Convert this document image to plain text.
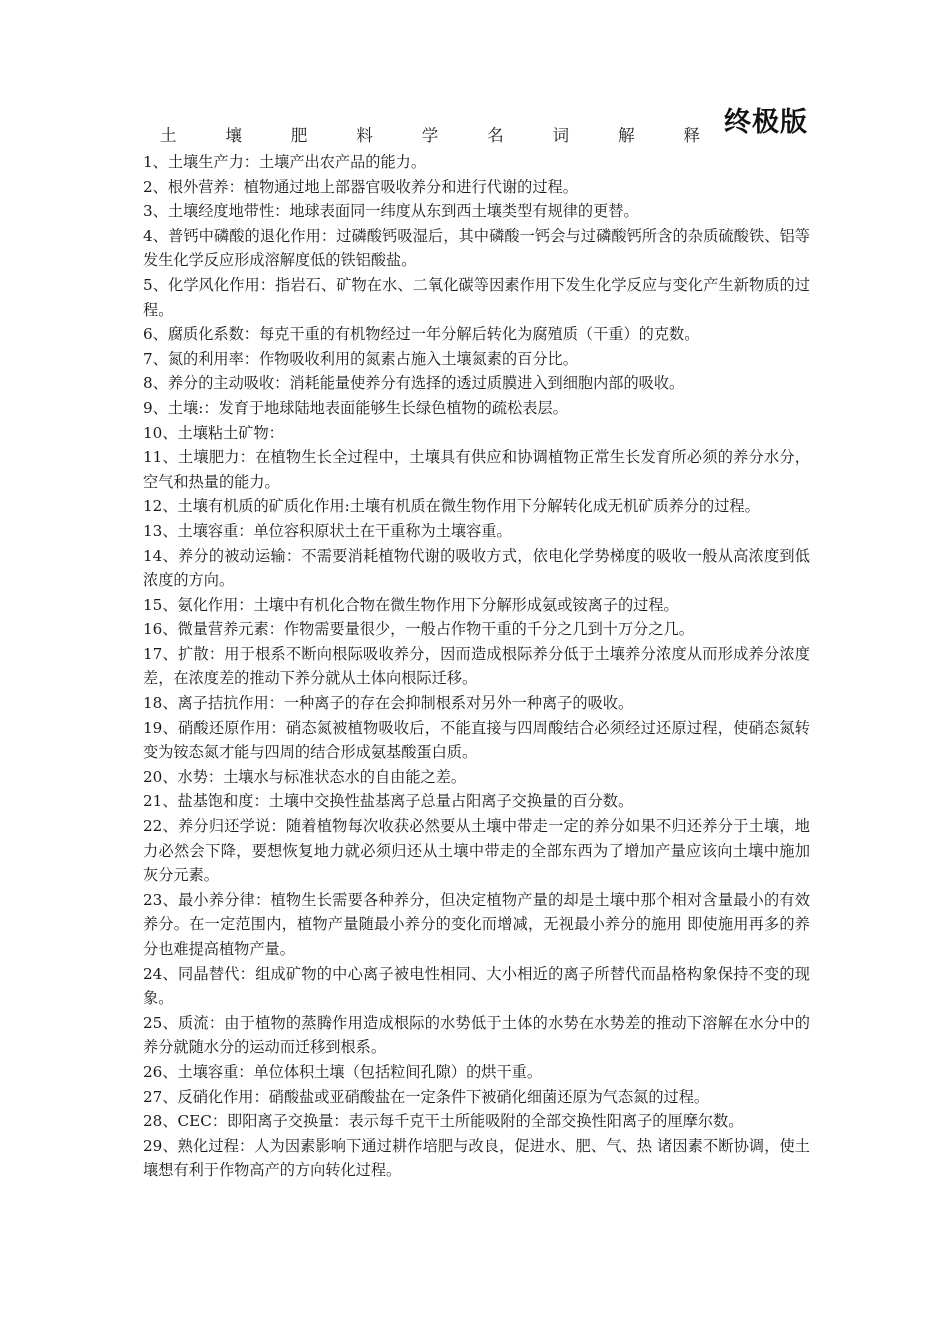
终极版
土	壤	肥	料	学	名	词	解	释

1、土壤生产力：土壤产出农产品的能力。

2、根外营养：植物通过地上部器官吸收养分和进行代谢的过程。

3、土壤经度地带性：地球表面同一纬度从东到西土壤类型有规律的更替。

4、普钙中磷酸的退化作用：过磷酸钙吸湿后，其中磷酸一钙会与过磷酸钙所含的杂质硫酸铁、铝等发生化学反应形成溶解度低的铁铝酸盐。

5、化学风化作用：指岩石、矿物在水、二氧化碳等因素作用下发生化学反应与变化产生新物质的过程。

6、腐质化系数：每克干重的有机物经过一年分解后转化为腐殖质（干重）的克数。

7、氮的利用率：作物吸收利用的氮素占施入土壤氮素的百分比。

8、养分的主动吸收：消耗能量使养分有选择的透过质膜进入到细胞内部的吸收。

9、土壤:：发育于地球陆地表面能够生长绿色植物的疏松表层。

10、土壤粘土矿物：

11、土壤肥力：在植物生长全过程中，土壤具有供应和协调植物正常生长发育所必须的养分水分，空气和热量的能力。

12、土壤有机质的矿质化作用:土壤有机质在微生物作用下分解转化成无机矿质养分的过程。

13、土壤容重：单位容积原状土在干重称为土壤容重。

14、养分的被动运输：不需要消耗植物代谢的吸收方式，依电化学势梯度的吸收一般从高浓度到低浓度的方向。

15、氨化作用：土壤中有机化合物在微生物作用下分解形成氨或铵离子的过程。

16、微量营养元素：作物需要量很少，一般占作物干重的千分之几到十万分之几。

17、扩散：用于根系不断向根际吸收养分，因而造成根际养分低于土壤养分浓度从而形成养分浓度差，在浓度差的推动下养分就从土体向根际迁移。

18、离子拮抗作用：一种离子的存在会抑制根系对另外一种离子的吸收。

19、硝酸还原作用：硝态氮被植物吸收后，不能直接与四周酸结合必须经过还原过程，使硝态氮转变为铵态氮才能与四周的结合形成氨基酸蛋白质。

20、水势：土壤水与标准状态水的自由能之差。

21、盐基饱和度：土壤中交换性盐基离子总量占阳离子交换量的百分数。

22、养分归还学说：随着植物每次收获必然要从土壤中带走一定的养分如果不归还养分于土壤，地力必然会下降，要想恢复地力就必须归还从土壤中带走的全部东西为了增加产量应该向土壤中施加灰分元素。

23、最小养分律：植物生长需要各种养分，但决定植物产量的却是土壤中那个相对含量最小的有效养分。在一定范围内，植物产量随最小养分的变化而增减，无视最小养分的施用 即使施用再多的养分也难提高植物产量。

24、同晶替代：组成矿物的中心离子被电性相同、大小相近的离子所替代而晶格构象保持不变的现象。

25、质流：由于植物的蒸腾作用造成根际的水势低于土体的水势在水势差的推动下溶解在水分中的养分就随水分的运动而迁移到根系。

26、土壤容重：单位体积土壤（包括粒间孔隙）的烘干重。

27、反硝化作用：硝酸盐或亚硝酸盐在一定条件下被硝化细菌还原为气态氮的过程。

28、CEC：即阳离子交换量：表示每千克干土所能吸附的全部交换性阳离子的厘摩尔数。

29、熟化过程：人为因素影响下通过耕作培肥与改良，促进水、肥、气、热 诸因素不断协调，使土壤想有利于作物高产的方向转化过程。
